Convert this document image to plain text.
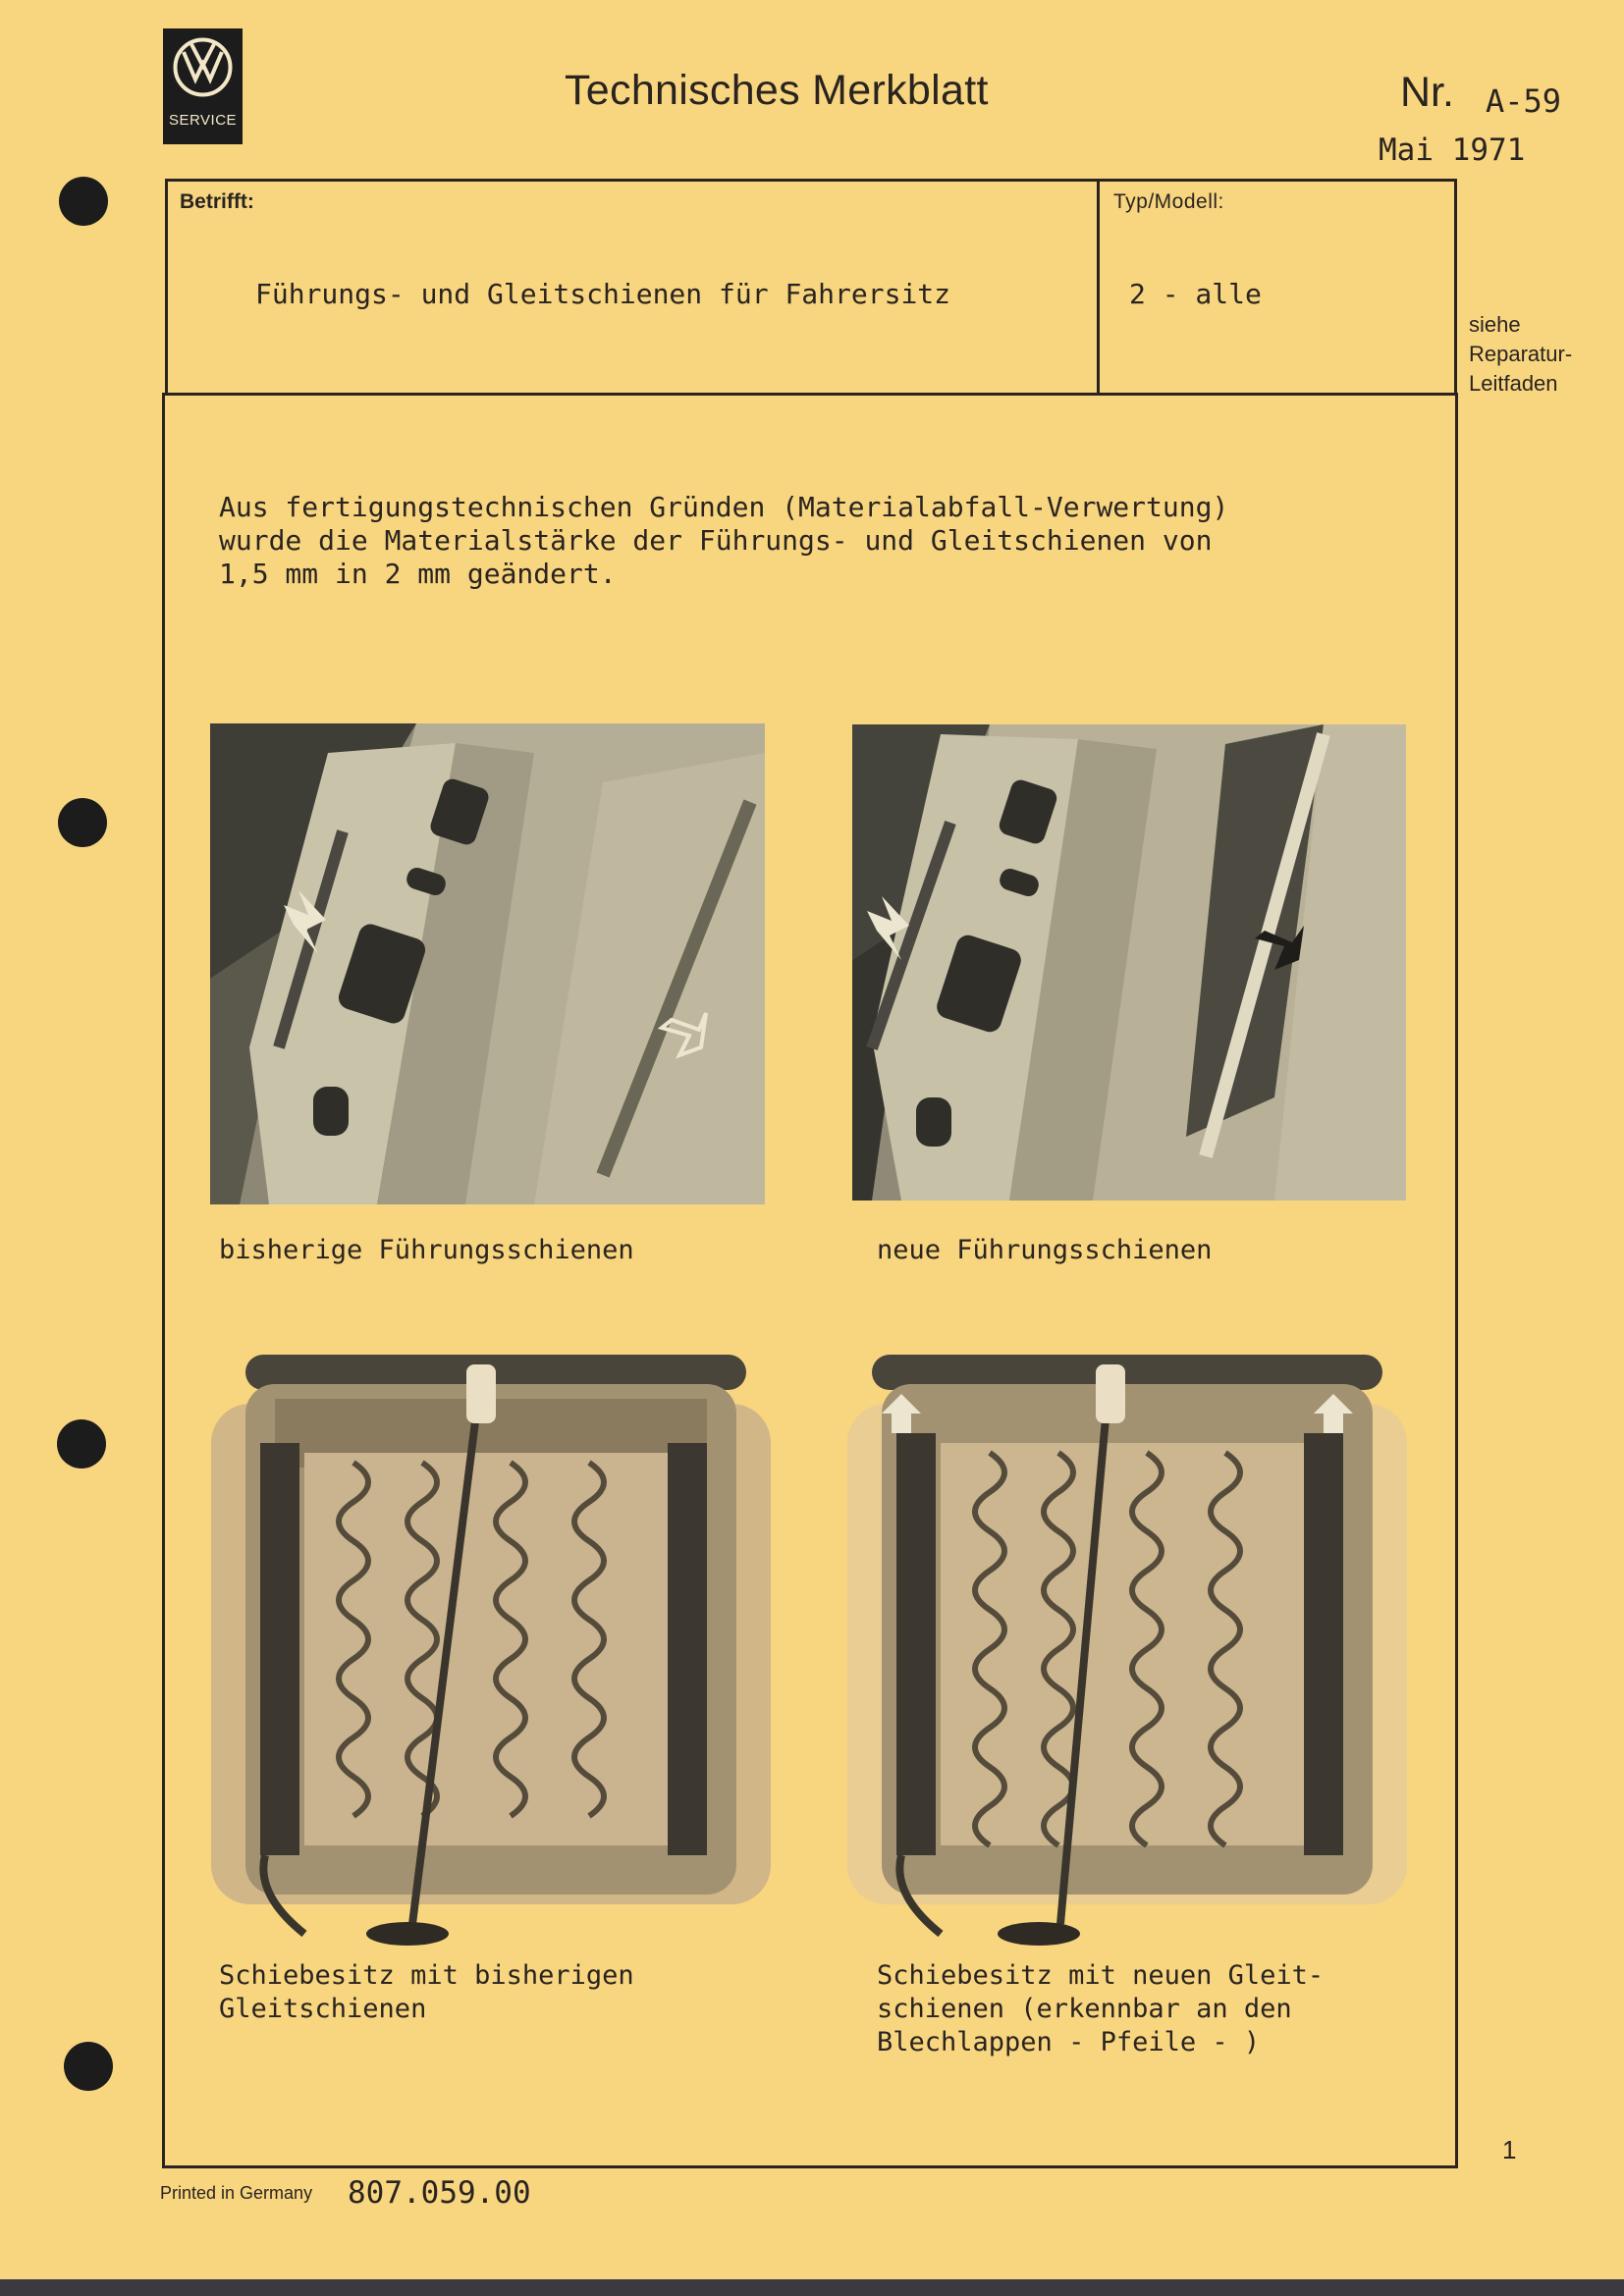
SERVICE
Technisches Merkblatt	Nr. A-59
Mai 1971
Betrifft:	Typ/Modell:
Führungs- und Gleitschienen für Fahrersitz	2 - alle
siehe
Reparatur-
Leitfaden
Aus fertigungstechnischen Gründen (Materialabfall-Verwertung)
wurde die Materialstärke der Führungs- und Gleitschienen von
1,5 mm in 2 mm geändert.
bisherige Führungsschienen	neue Führungsschienen
Schiebesitz mit bisherigen
Gleitschienen
Schiebesitz mit neuen Gleit-
schienen (erkennbar an den
Blechlappen - Pfeile - )
1
Printed in Germany 807.059.00
